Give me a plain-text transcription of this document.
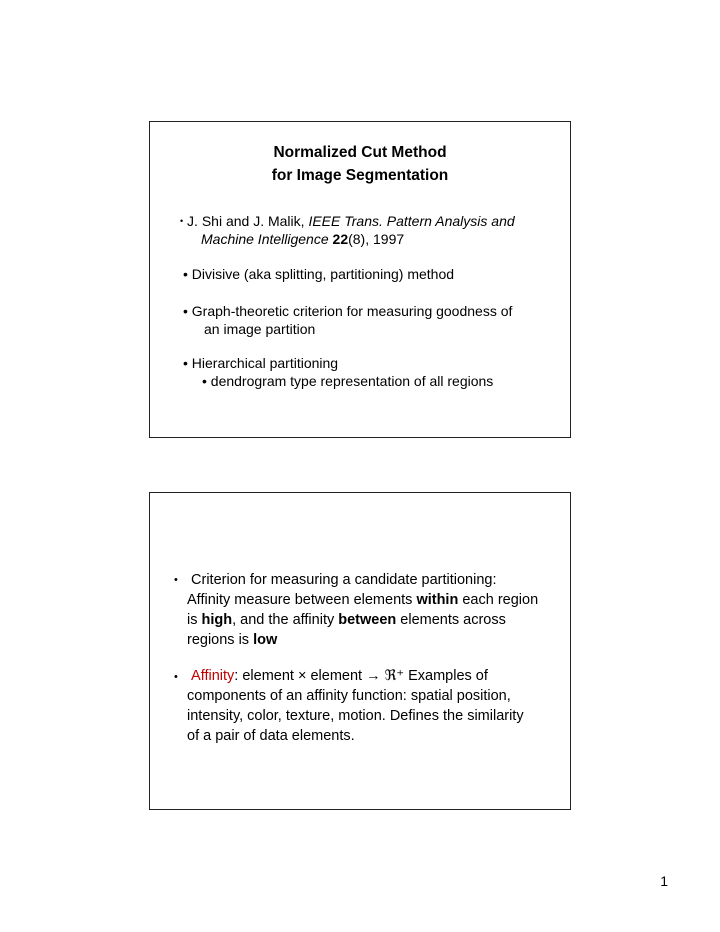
Normalized Cut Method
for Image Segmentation
• J. Shi and J. Malik, IEEE Trans. Pattern Analysis and
Machine Intelligence 22(8), 1997
• Divisive (aka splitting, partitioning) method
• Graph-theoretic criterion for measuring goodness of
an image partition
• Hierarchical partitioning
• dendrogram type representation of all regions
• Criterion for measuring a candidate partitioning:
Affinity measure between elements within each region
is high, and the affinity between elements across
regions is low
• Affinity: element × element → ℜ⁺ Examples of
components of an affinity function: spatial position,
intensity, color, texture, motion. Defines the similarity
of a pair of data elements.
1
